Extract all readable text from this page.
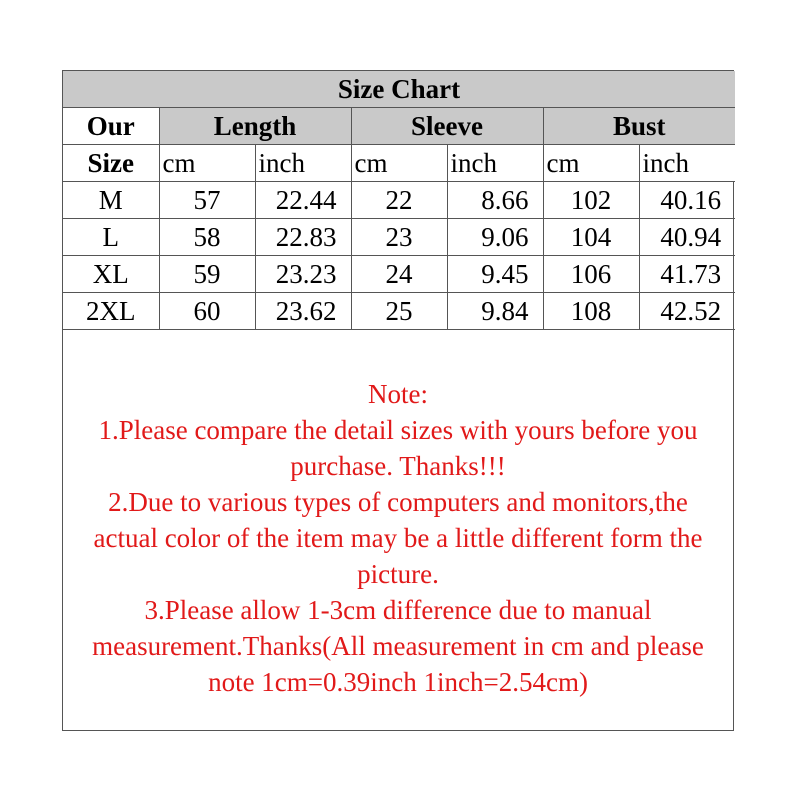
Size Chart						
Our	Length		Sleeve		Bust	
Size	cm	inch	cm	inch	cm	inch
M	57	22.44	22	8.66	102	40.16
L	58	22.83	23	9.06	104	40.94
XL	59	23.23	24	9.45	106	41.73
2XL	60	23.62	25	9.84	108	42.52
Note:
1.Please compare the detail sizes with yours before you
purchase. Thanks!!!
2.Due to various types of computers and monitors,the
actual color of the item may be a little different form the
picture.
3.Please allow 1-3cm difference due to manual
measurement.Thanks(All measurement in cm and please
note 1cm=0.39inch 1inch=2.54cm)
